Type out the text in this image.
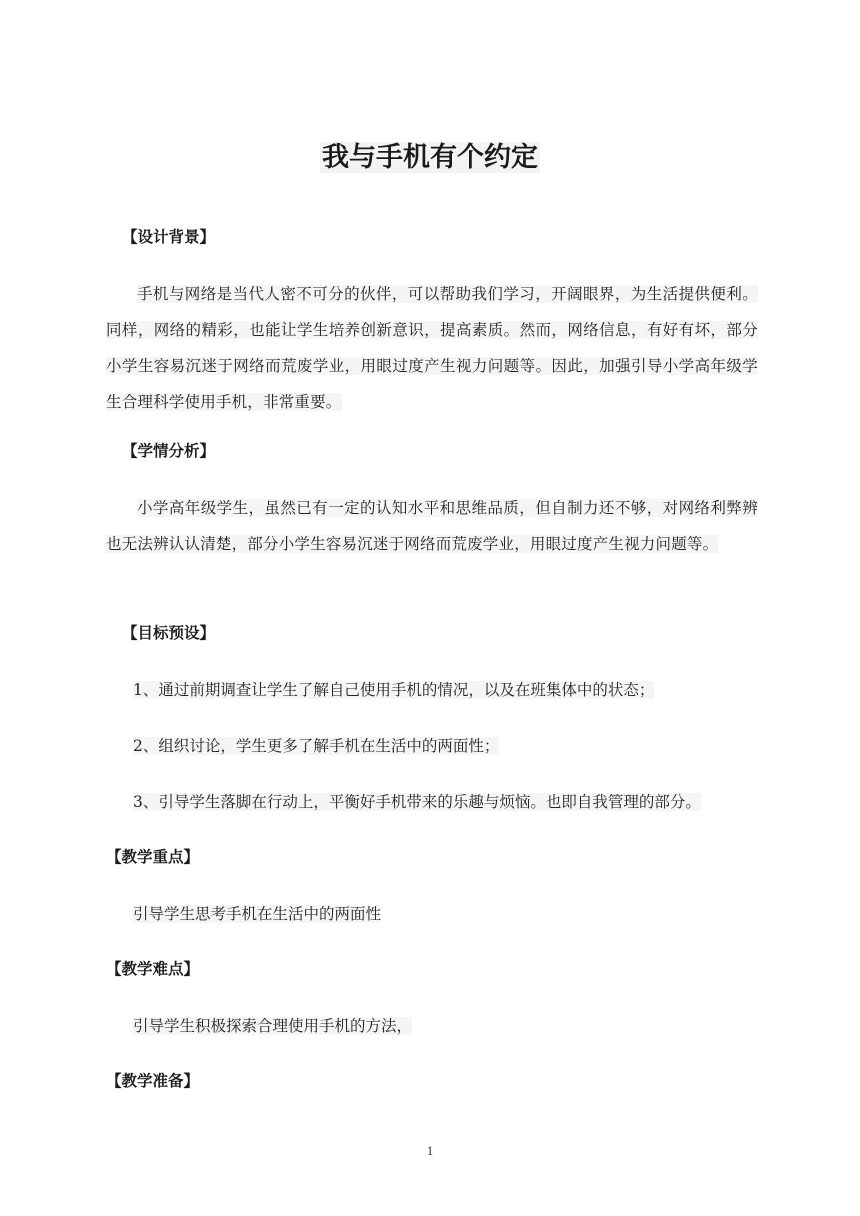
我与手机有个约定
【设计背景】

手机与网络是当代人密不可分的伙伴，可以帮助我们学习，开阔眼界，为生活提供便利。同样，网络的精彩，也能让学生培养创新意识，提高素质。然而，网络信息，有好有坏，部分小学生容易沉迷于网络而荒废学业，用眼过度产生视力问题等。因此，加强引导小学高年级学生合理科学使用手机，非常重要。

【学情分析】

小学高年级学生，虽然已有一定的认知水平和思维品质，但自制力还不够，对网络利弊辨也无法辨认认清楚，部分小学生容易沉迷于网络而荒废学业，用眼过度产生视力问题等。

【目标预设】

1、通过前期调查让学生了解自己使用手机的情况，以及在班集体中的状态；

2、组织讨论，学生更多了解手机在生活中的两面性；

3、引导学生落脚在行动上，平衡好手机带来的乐趣与烦恼。也即自我管理的部分。

【教学重点】

引导学生思考手机在生活中的两面性

【教学难点】

引导学生积极探索合理使用手机的方法，

【教学准备】

1
